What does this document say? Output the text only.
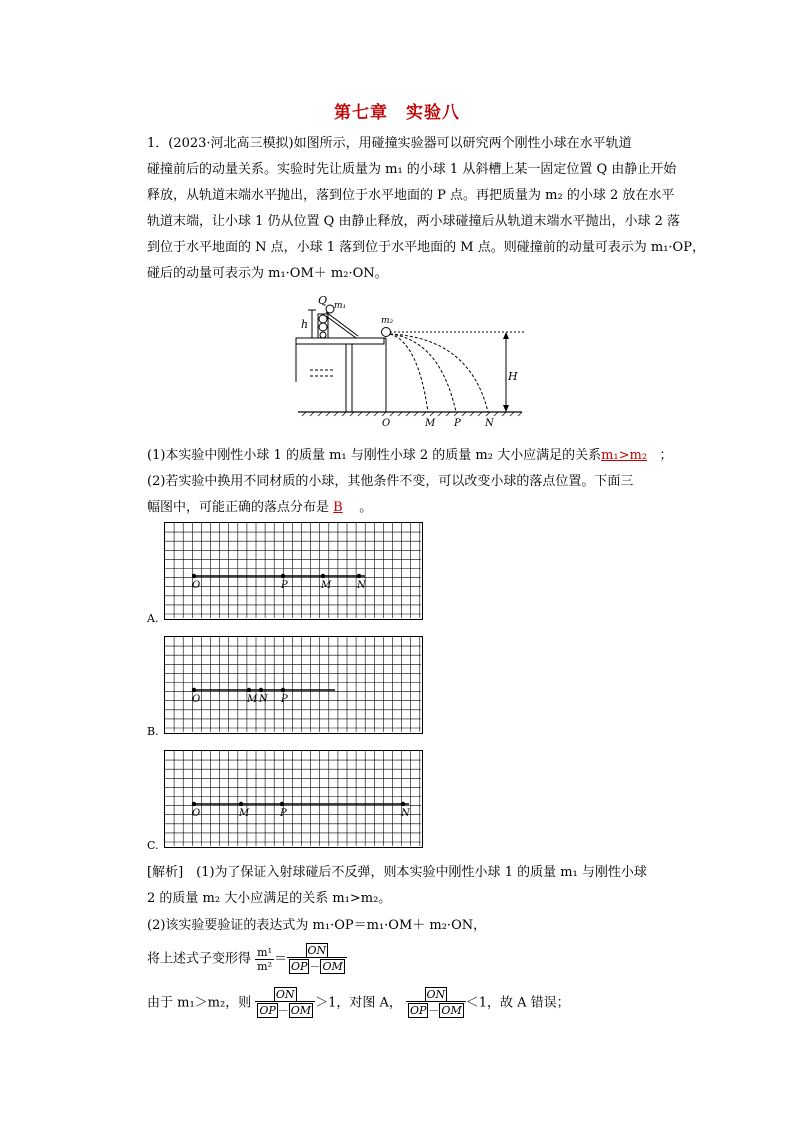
第七章　实验八
1．(2023·河北高三模拟)如图所示，用碰撞实验器可以研究两个刚性小球在水平轨道
碰撞前后的动量关系。实验时先让质量为 m₁ 的小球 1 从斜槽上某一固定位置 Q 由静止开始
释放，从轨道末端水平抛出，落到位于水平地面的 P 点。再把质量为 m₂ 的小球 2 放在水平
轨道末端，让小球 1 仍从位置 Q 由静止释放，两小球碰撞后从轨道末端水平抛出，小球 2 落
到位于水平地面的 N 点，小球 1 落到位于水平地面的 M 点。则碰撞前的动量可表示为 m₁·OP，
碰后的动量可表示为 m₁·OM＋ m₂·ON。
Q m₁
h	m₂
H
O	M P N
(1)本实验中刚性小球 1 的质量 m₁ 与刚性小球 2 的质量 m₂ 大小应满足的关系m₁>m₂ ；
(2)若实验中换用不同材质的小球，其他条件不变，可以改变小球的落点位置。下面三
幅图中，可能正确的落点分布是 B 。
O	P	M	N
A.
O	M N P
B.
O	M	P	N
C.
[解析]　(1)为了保证入射球碰后不反弹，则本实验中刚性小球 1 的质量 m₁ 与刚性小球
2 的质量 m₂ 大小应满足的关系 m₁>m₂。
(2)该实验要验证的表达式为 m₁·OP＝m₁·OM＋ m₂·ON，
将上述式子变形得 $\frac{\text{m¹}}{\text{m²}} = \frac{ON}{OP - OM}$
由于 m₁＞m₂，则 $\frac{ON}{OP - OM} >1$，对图 A， $\frac{ON}{OP - OM} <1$，故 A 错误；
